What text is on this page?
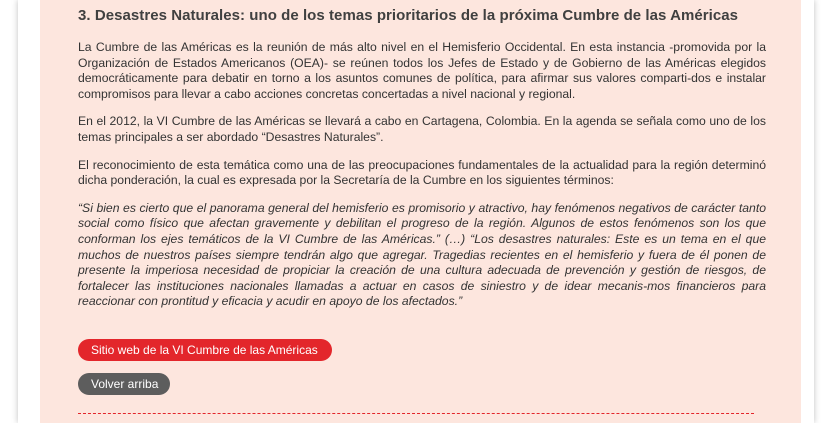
3. Desastres Naturales: uno de los temas prioritarios de la próxima Cumbre de las Américas

La Cumbre de las Américas es la reunión de más alto nivel en el Hemisferio Occidental. En esta instancia -promovida por la Organización de Estados Americanos (OEA)- se reúnen todos los Jefes de Estado y de Gobierno de las Américas elegidos democráticamente para debatir en torno a los asuntos comunes de política, para afirmar sus valores comparti-dos e instalar compromisos para llevar a cabo acciones concretas concertadas a nivel nacional y regional.

En el 2012, la VI Cumbre de las Américas se llevará a cabo en Cartagena, Colombia. En la agenda se señala como uno de los temas principales a ser abordado “Desastres Naturales”.

El reconocimiento de esta temática como una de las preocupaciones fundamentales de la actualidad para la región determinó dicha ponderación, la cual es expresada por la Secretaría de la Cumbre en los siguientes términos:

“Si bien es cierto que el panorama general del hemisferio es promisorio y atractivo, hay fenómenos negativos de carácter tanto social como físico que afectan gravemente y debilitan el progreso de la región. Algunos de estos fenómenos son los que conforman los ejes temáticos de la VI Cumbre de las Américas.” (…) “Los desastres naturales: Este es un tema en el que muchos de nuestros países siempre tendrán algo que agregar. Tragedias recientes en el hemisferio y fuera de él ponen de presente la imperiosa necesidad de propiciar la creación de una cultura adecuada de prevención y gestión de riesgos, de fortalecer las instituciones nacionales llamadas a actuar en casos de siniestro y de idear mecanis-mos financieros para reaccionar con prontitud y eficacia y acudir en apoyo de los afectados.”

Sitio web de la VI Cumbre de las Américas
Volver arriba
